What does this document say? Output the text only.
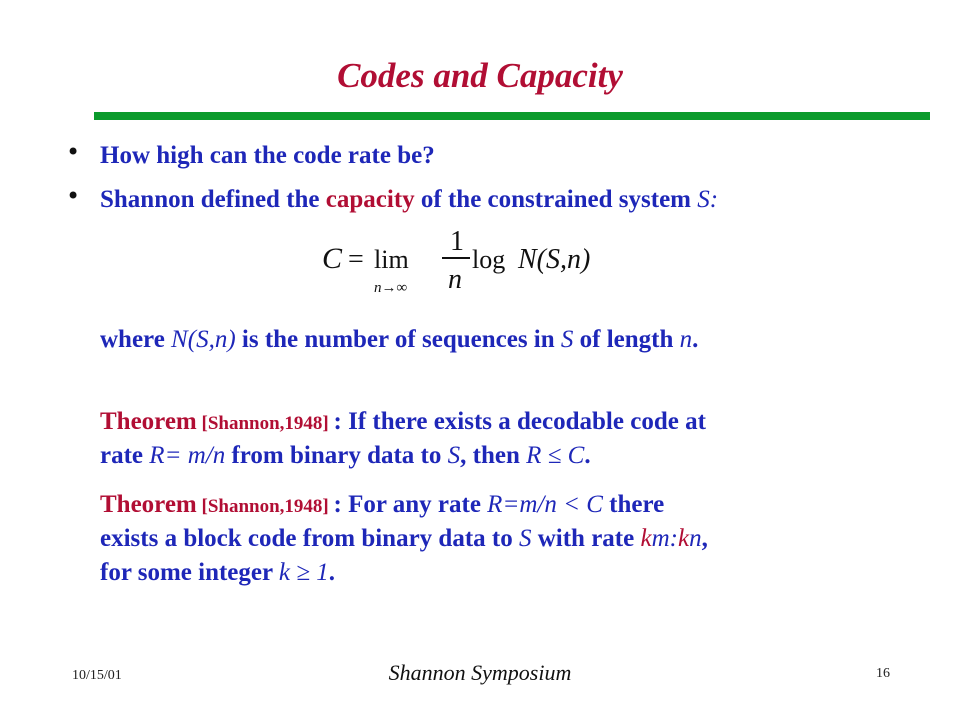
Codes and Capacity
• How high can the code rate be?

• Shannon defined the capacity of the constrained system S:

C = lim
n→∞
1
n
log N(S,n)

where N(S,n) is the number of sequences in S of length n.

Theorem [Shannon,1948] : If there exists a decodable code at

rate R= m/n from binary data to S, then R ≤ C.

Theorem [Shannon,1948] : For any rate R=m/n < C there

exists a block code from binary data to S with rate km:kn,

for some integer k ≥ 1.

10/15/01	Shannon Symposium	16
